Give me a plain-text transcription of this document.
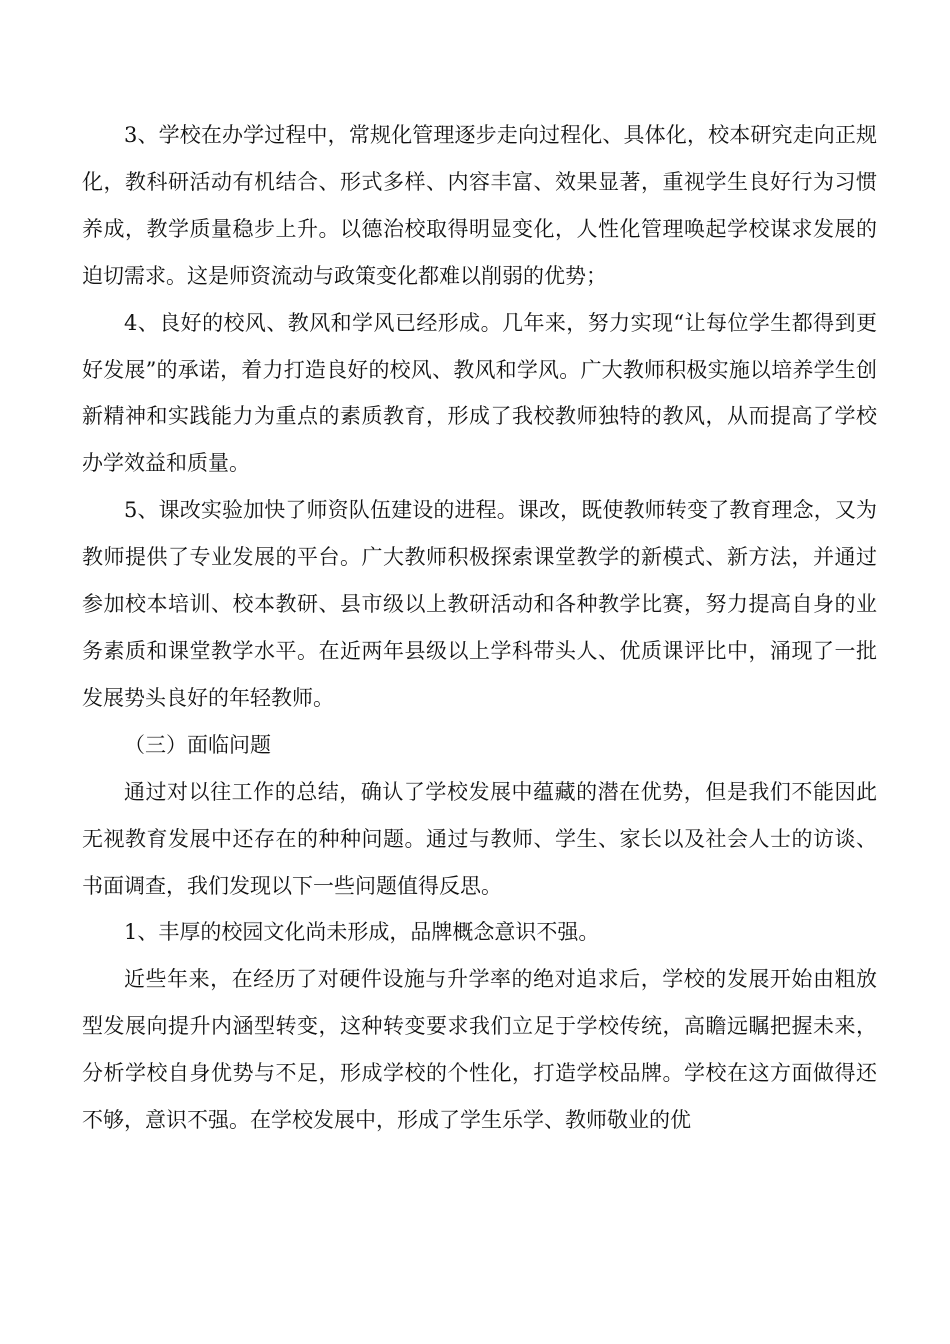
3、学校在办学过程中，常规化管理逐步走向过程化、具体化，校本研究走向正规化，教科研活动有机结合、形式多样、内容丰富、效果显著，重视学生良好行为习惯养成，教学质量稳步上升。以德治校取得明显变化，人性化管理唤起学校谋求发展的迫切需求。这是师资流动与政策变化都难以削弱的优势；

4、良好的校风、教风和学风已经形成。几年来，努力实现“让每位学生都得到更好发展”的承诺，着力打造良好的校风、教风和学风。广大教师积极实施以培养学生创新精神和实践能力为重点的素质教育，形成了我校教师独特的教风，从而提高了学校办学效益和质量。

5、课改实验加快了师资队伍建设的进程。课改，既使教师转变了教育理念，又为教师提供了专业发展的平台。广大教师积极探索课堂教学的新模式、新方法，并通过参加校本培训、校本教研、县市级以上教研活动和各种教学比赛，努力提高自身的业务素质和课堂教学水平。在近两年县级以上学科带头人、优质课评比中，涌现了一批发展势头良好的年轻教师。

（三）面临问题

通过对以往工作的总结，确认了学校发展中蕴藏的潜在优势，但是我们不能因此无视教育发展中还存在的种种问题。通过与教师、学生、家长以及社会人士的访谈、书面调查，我们发现以下一些问题值得反思。

1、丰厚的校园文化尚未形成，品牌概念意识不强。

近些年来，在经历了对硬件设施与升学率的绝对追求后，学校的发展开始由粗放型发展向提升内涵型转变，这种转变要求我们立足于学校传统，高瞻远瞩把握未来，分析学校自身优势与不足，形成学校的个性化，打造学校品牌。学校在这方面做得还不够，意识不强。在学校发展中，形成了学生乐学、教师敬业的优
